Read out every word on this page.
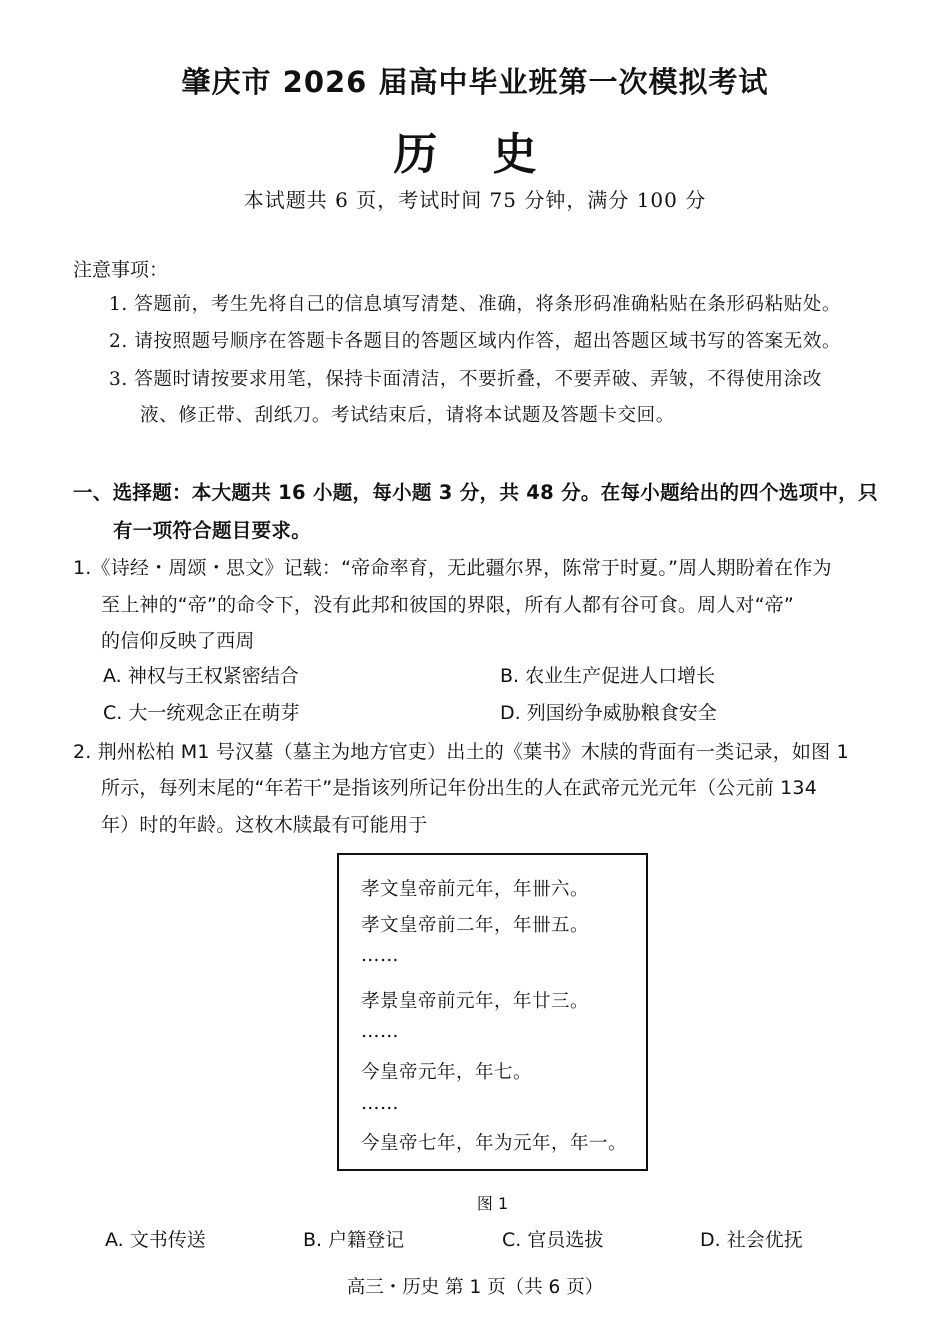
肇庆市 2026 届高中毕业班第一次模拟考试
历 史
本试题共 6 页，考试时间 75 分钟，满分 100 分
注意事项：
1. 答题前，考生先将自己的信息填写清楚、准确，将条形码准确粘贴在条形码粘贴处。
2. 请按照题号顺序在答题卡各题目的答题区域内作答，超出答题区域书写的答案无效。
3. 答题时请按要求用笔，保持卡面清洁，不要折叠，不要弄破、弄皱，不得使用涂改
液、修正带、刮纸刀。考试结束后，请将本试题及答题卡交回。
一、选择题：本大题共 16 小题，每小题 3 分，共 48 分。在每小题给出的四个选项中，只
有一项符合题目要求。
1.《诗经・周颂・思文》记载：“帝命率育，无此疆尔界，陈常于时夏。”周人期盼着在作为
至上神的“帝”的命令下，没有此邦和彼国的界限，所有人都有谷可食。周人对“帝”
的信仰反映了西周
A. 神权与王权紧密结合	B. 农业生产促进人口增长
C. 大一统观念正在萌芽	D. 列国纷争威胁粮食安全
2. 荆州松柏 M1 号汉墓（墓主为地方官吏）出土的《葉书》木牍的背面有一类记录，如图 1
所示，每列末尾的“年若干”是指该列所记年份出生的人在武帝元光元年（公元前 134
年）时的年龄。这枚木牍最有可能用于
孝文皇帝前元年，年卌六。
孝文皇帝前二年，年卌五。
……
孝景皇帝前元年，年廿三。
……
今皇帝元年，年七。
……
今皇帝七年，年为元年，年一。
图 1
A. 文书传送	B. 户籍登记	C. 官员选拔	D. 社会优抚
高三・历史 第 1 页（共 6 页）
